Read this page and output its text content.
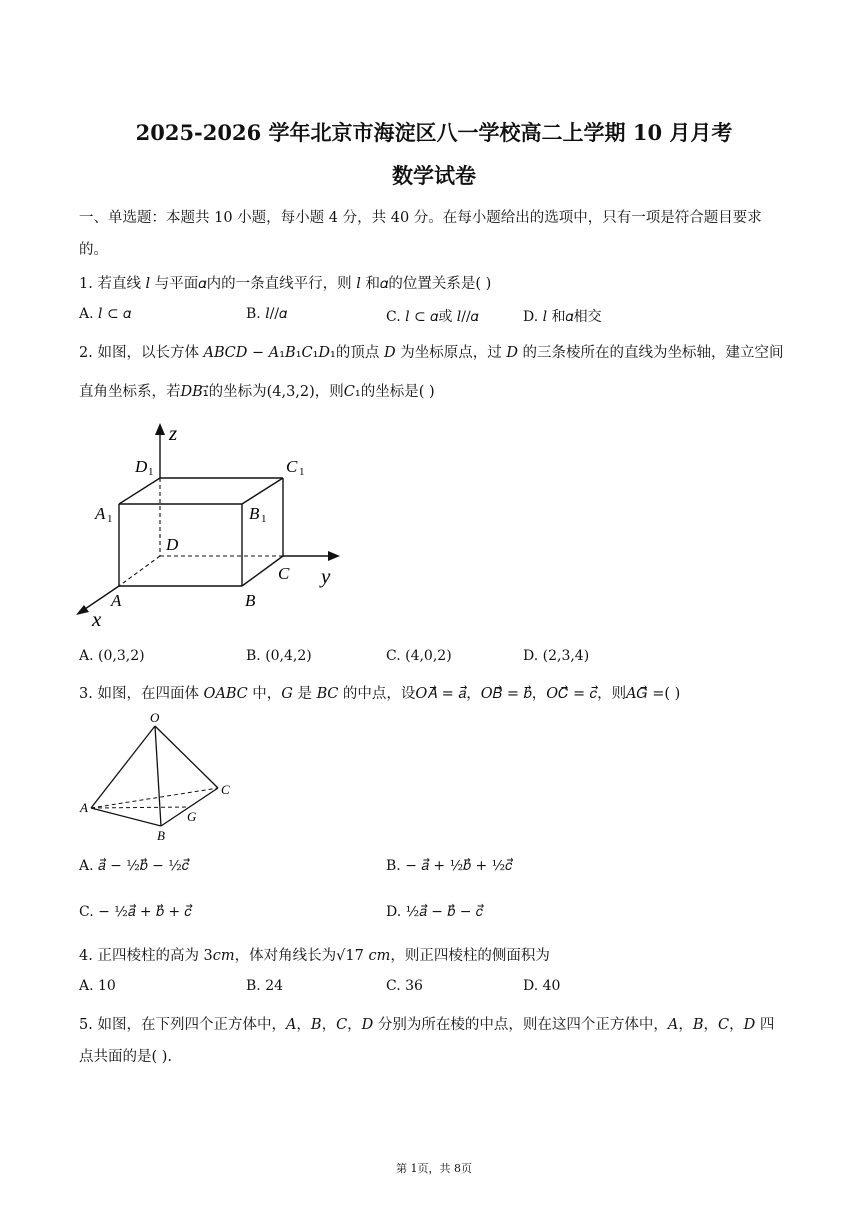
2025-2026 学年北京市海淀区八一学校高二上学期 10 月月考
数学试卷
一、单选题：本题共 10 小题，每小题 4 分，共 40 分。在每小题给出的选项中，只有一项是符合题目要求
的。
1. 若直线 𝑙 与平面𝛼内的一条直线平行，则 𝑙 和𝛼的位置关系是( )
A. 𝑙 ⊂ 𝛼	B. 𝑙//𝛼	C. 𝑙 ⊂ 𝛼或 𝑙//𝛼	D. 𝑙 和𝛼相交
2. 如图，以长方体 𝐴𝐵𝐶𝐷 − 𝐴₁𝐵₁𝐶₁𝐷₁的顶点 𝐷 为坐标原点，过 𝐷 的三条棱所在的直线为坐标轴，建立空间
直角坐标系，若𝐷𝐵₁⃗的坐标为(4,3,2)，则𝐶₁的坐标是( )
z
y
x
D 1	C 1
A 1	B 1
D
C
A	B
A. (0,3,2)	B. (0,4,2)	C. (4,0,2)	D. (2,3,4)
3. 如图，在四面体 𝑂𝐴𝐵𝐶 中，𝐺 是 𝐵𝐶 的中点，设𝑂𝐴⃗ = 𝑎⃗，𝑂𝐵⃗ = 𝑏⃗，𝑂𝐶⃗ = 𝑐⃗，则𝐴𝐺⃗ =( )
O
A
B
C
G
A. 𝑎⃗ − ½𝑏⃗ − ½𝑐⃗	B. − 𝑎⃗ + ½𝑏⃗ + ½𝑐⃗
C. − ½𝑎⃗ + 𝑏⃗ + 𝑐⃗	D. ½𝑎⃗ − 𝑏⃗ − 𝑐⃗
4. 正四棱柱的高为 3𝑐𝑚，体对角线长为√17 𝑐𝑚，则正四棱柱的侧面积为
A. 10	B. 24	C. 36	D. 40
5. 如图，在下列四个正方体中，𝐴，𝐵，𝐶，𝐷 分别为所在棱的中点，则在这四个正方体中，𝐴，𝐵，𝐶，𝐷 四
点共面的是( ).
第 1页，共 8页
